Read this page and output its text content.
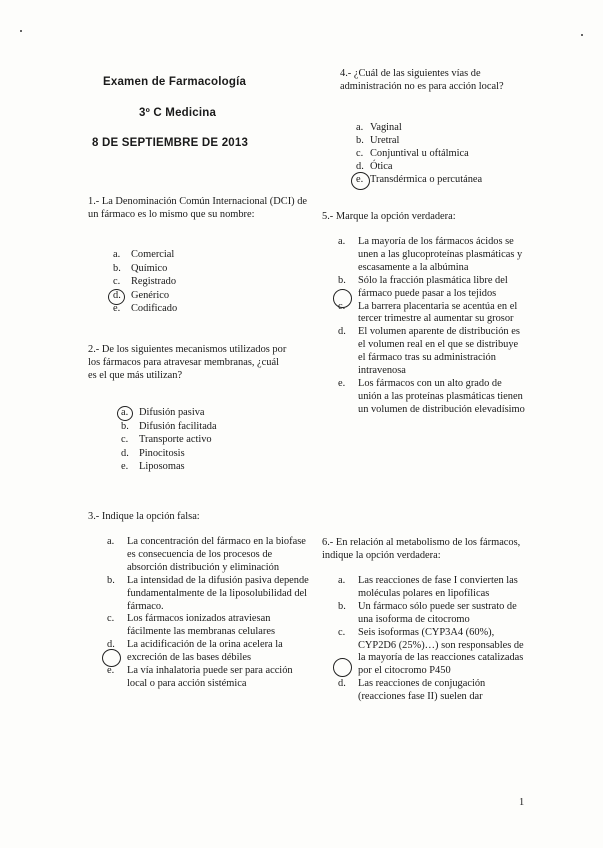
Examen de Farmacología
3º C Medicina
8 DE SEPTIEMBRE DE 2013
1.- La Denominación Común Internacional (DCI) de un fármaco es lo mismo que su nombre:
a. Comercial
b. Químico
c. Registrado
d. Genérico
e. Codificado
2.- De los siguientes mecanismos utilizados por los fármacos para atravesar membranas, ¿cuál es el que más utilizan?
a. Difusión pasiva
b. Difusión facilitada
c. Transporte activo
d. Pinocitosis
e. Liposomas
3.- Indique la opción falsa:
a.	La concentración del fármaco en la biofase es consecuencia de los procesos de absorción distribución y eliminación
b.	La intensidad de la difusión pasiva depende fundamentalmente de la liposolubilidad del fármaco.
c.	Los fármacos ionizados atraviesan fácilmente las membranas celulares
d.	La acidificación de la orina acelera la excreción de las bases débiles
e.	La vía inhalatoria puede ser para acción local o para acción sistémica
4.- ¿Cuál de las siguientes vías de administración no es para acción local?
a. Vaginal
b. Uretral
c. Conjuntival u oftálmica
d. Ótica
e. Transdérmica o percutánea
5.- Marque la opción verdadera:
a.	La mayoría de los fármacos ácidos se unen a las glucoproteínas plasmáticas y escasamente a la albúmina
b.	Sólo la fracción plasmática libre del fármaco puede pasar a los tejidos
c.	La barrera placentaria se acentúa en el tercer trimestre al aumentar su grosor
d.	El volumen aparente de distribución es el volumen real en el que se distribuye el fármaco tras su administración intravenosa
e.	Los fármacos con un alto grado de unión a las proteínas plasmáticas tienen un volumen de distribución elevadísimo
6.- En relación al metabolismo de los fármacos, indique la opción verdadera:
a.	Las reacciones de fase I convierten las moléculas polares en lipofílicas
b.	Un fármaco sólo puede ser sustrato de una isoforma de citocromo
c.	Seis isoformas (CYP3A4 (60%), CYP2D6 (25%)…) son responsables de la mayoría de las reacciones catalizadas por el citocromo P450
d.	Las reacciones de conjugación (reacciones fase II) suelen dar
1
